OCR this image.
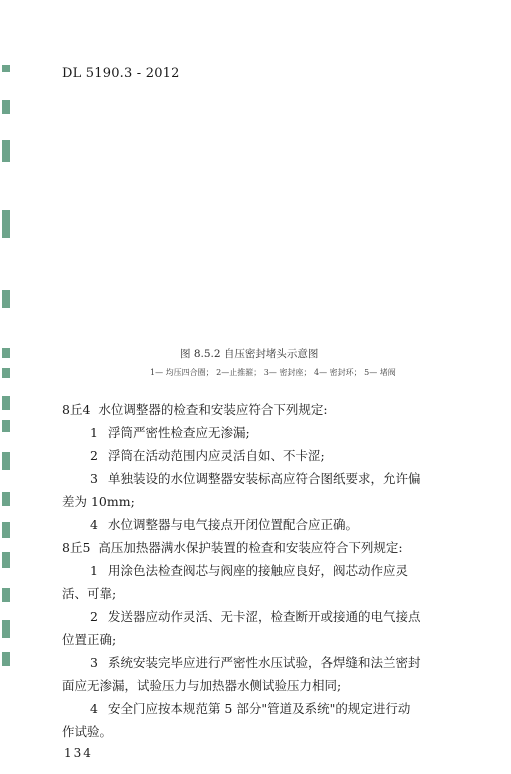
DL 5190.3 - 2012
图 8.5.2 自压密封堵头示意图
1— 均压四合圈； 2—止推箍； 3— 密封座； 4— 密封环； 5— 堵阀
8丘4 水位调整器的检查和安装应符合下列规定:
1 浮筒严密性检查应无渗漏;
2 浮筒在活动范围内应灵活自如、不卡涩;
3 单独装设的水位调整器安装标高应符合图纸要求，允许偏
差为 10mm;
4 水位调整器与电气接点开闭位置配合应正确。
8丘5 高压加热器满水保护装置的检查和安装应符合下列规定:
1 用涂色法检查阀芯与阀座的接触应良好，阀芯动作应灵
活、可靠;
2 发送器应动作灵活、无卡涩，检查断开或接通的电气接点
位置正确;
3 系统安装完毕应进行严密性水压试验，各焊缝和法兰密封
面应无渗漏，试验压力与加热器水侧试验压力相同;
4 安全门应按本规范第 5 部分"管道及系统"的规定进行动
作试验。
134
